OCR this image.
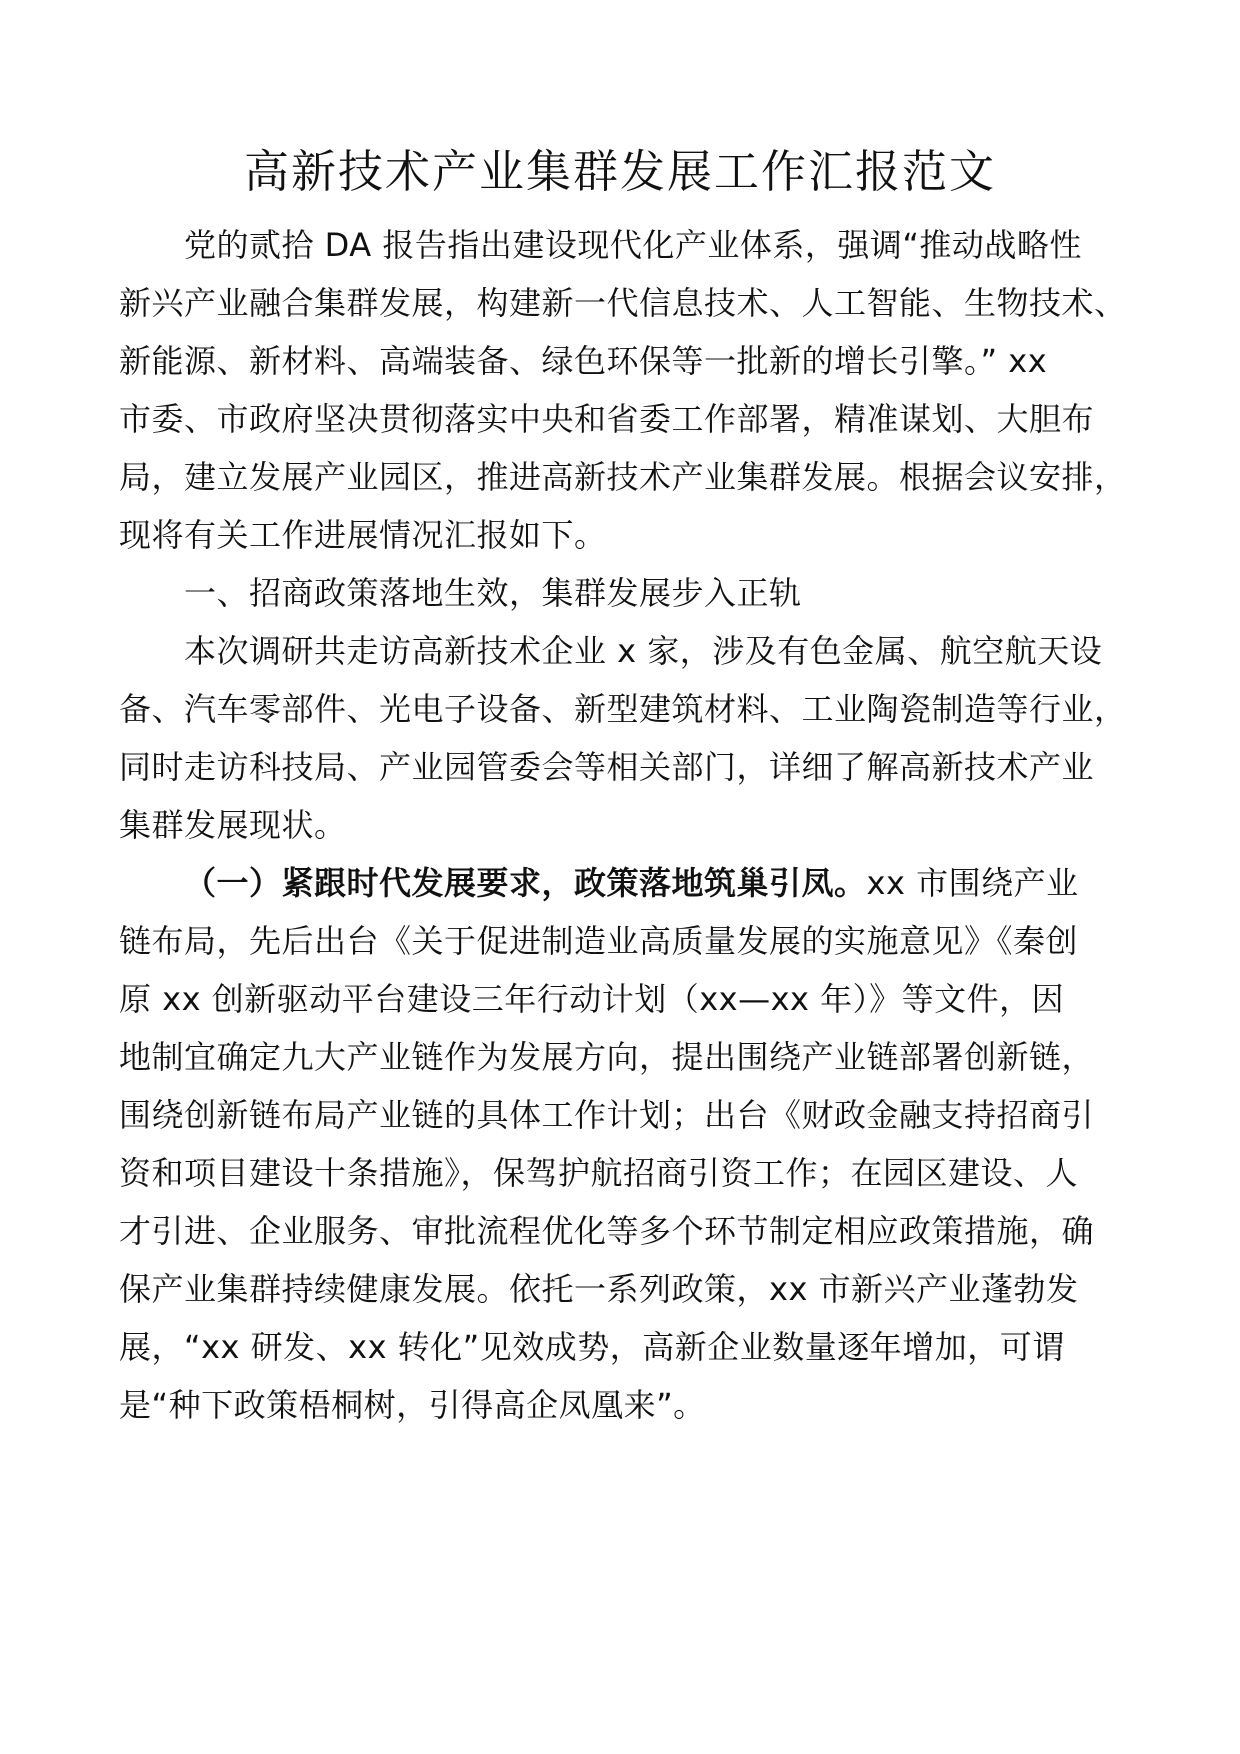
高新技术产业集群发展工作汇报范文
党的贰拾 DA 报告指出建设现代化产业体系，强调“推动战略性
新兴产业融合集群发展，构建新一代信息技术、人工智能、生物技术、
新能源、新材料、高端装备、绿色环保等一批新的增长引擎。” xx
市委、市政府坚决贯彻落实中央和省委工作部署，精准谋划、大胆布
局，建立发展产业园区，推进高新技术产业集群发展。根据会议安排，
现将有关工作进展情况汇报如下。
一、招商政策落地生效，集群发展步入正轨
本次调研共走访高新技术企业 x 家，涉及有色金属、航空航天设
备、汽车零部件、光电子设备、新型建筑材料、工业陶瓷制造等行业，
同时走访科技局、产业园管委会等相关部门，详细了解高新技术产业
集群发展现状。
（一）紧跟时代发展要求，政策落地筑巢引凤。xx 市围绕产业
链布局，先后出台《关于促进制造业高质量发展的实施意见》《秦创
原 xx 创新驱动平台建设三年行动计划（xx—xx 年）》等文件，因
地制宜确定九大产业链作为发展方向，提出围绕产业链部署创新链，
围绕创新链布局产业链的具体工作计划；出台《财政金融支持招商引
资和项目建设十条措施》，保驾护航招商引资工作；在园区建设、人
才引进、企业服务、审批流程优化等多个环节制定相应政策措施，确
保产业集群持续健康发展。依托一系列政策，xx 市新兴产业蓬勃发
展，“xx 研发、xx 转化”见效成势，高新企业数量逐年增加，可谓
是“种下政策梧桐树，引得高企凤凰来”。
